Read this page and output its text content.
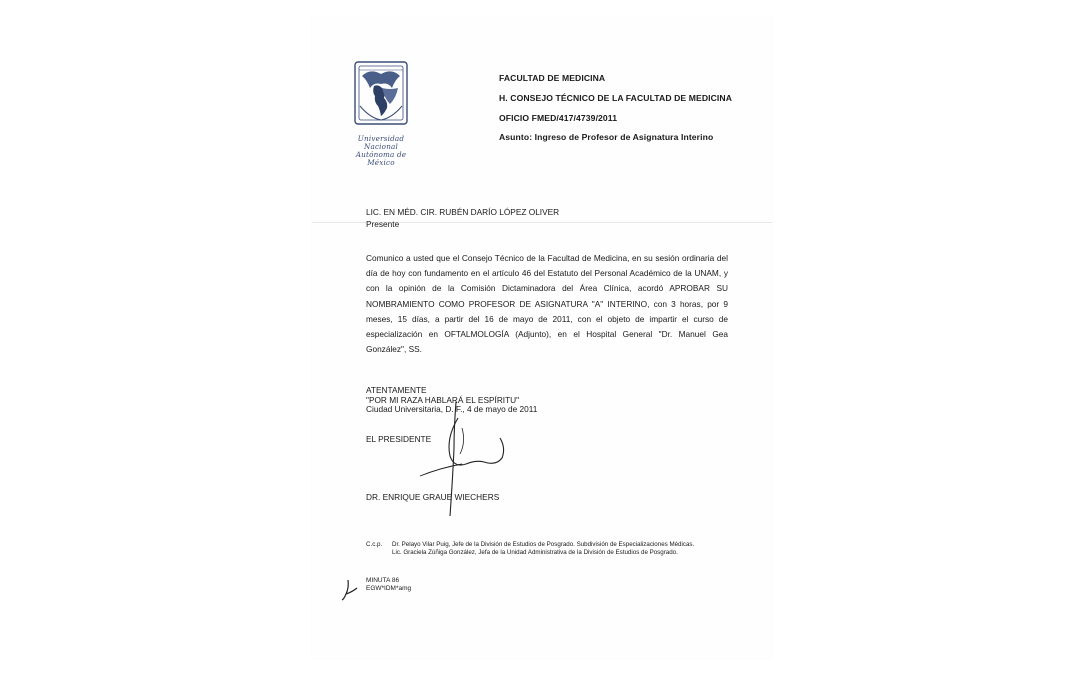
Universidad Nacional
Autónoma de
México
FACULTAD DE MEDICINA
H. CONSEJO TÉCNICO DE LA FACULTAD DE MEDICINA
OFICIO FMED/417/4739/2011
Asunto: Ingreso de Profesor de Asignatura Interino
LIC. EN MÉD. CIR. RUBÉN DARÍO LÓPEZ OLIVER
Presente
Comunico a usted que el Consejo Técnico de la Facultad de Medicina, en su sesión ordinaria del día de hoy con fundamento en el artículo 46 del Estatuto del Personal Académico de la UNAM, y con la opinión de la Comisión Dictaminadora del Área Clínica, acordó APROBAR SU NOMBRAMIENTO COMO PROFESOR DE ASIGNATURA "A" INTERINO, con 3 horas, por 9 meses, 15 días, a partir del 16 de mayo de 2011, con el objeto de impartir el curso de especialización en OFTALMOLOGÍA (Adjunto), en el Hospital General "Dr. Manuel Gea González", SS.
ATENTAMENTE
"POR MI RAZA HABLARÁ EL ESPÍRITU"
Ciudad Universitaria, D. F., 4 de mayo de 2011
EL PRESIDENTE
DR. ENRIQUE GRAUE WIECHERS
C.c.p. Dr. Pelayo Vilar Puig, Jefe de la División de Estudios de Posgrado. Subdivisión de Especializaciones Médicas.
Lic. Graciela Zúñiga González, Jefa de la Unidad Administrativa de la División de Estudios de Posgrado.
MINUTA 86
EGW*IDM*amg
